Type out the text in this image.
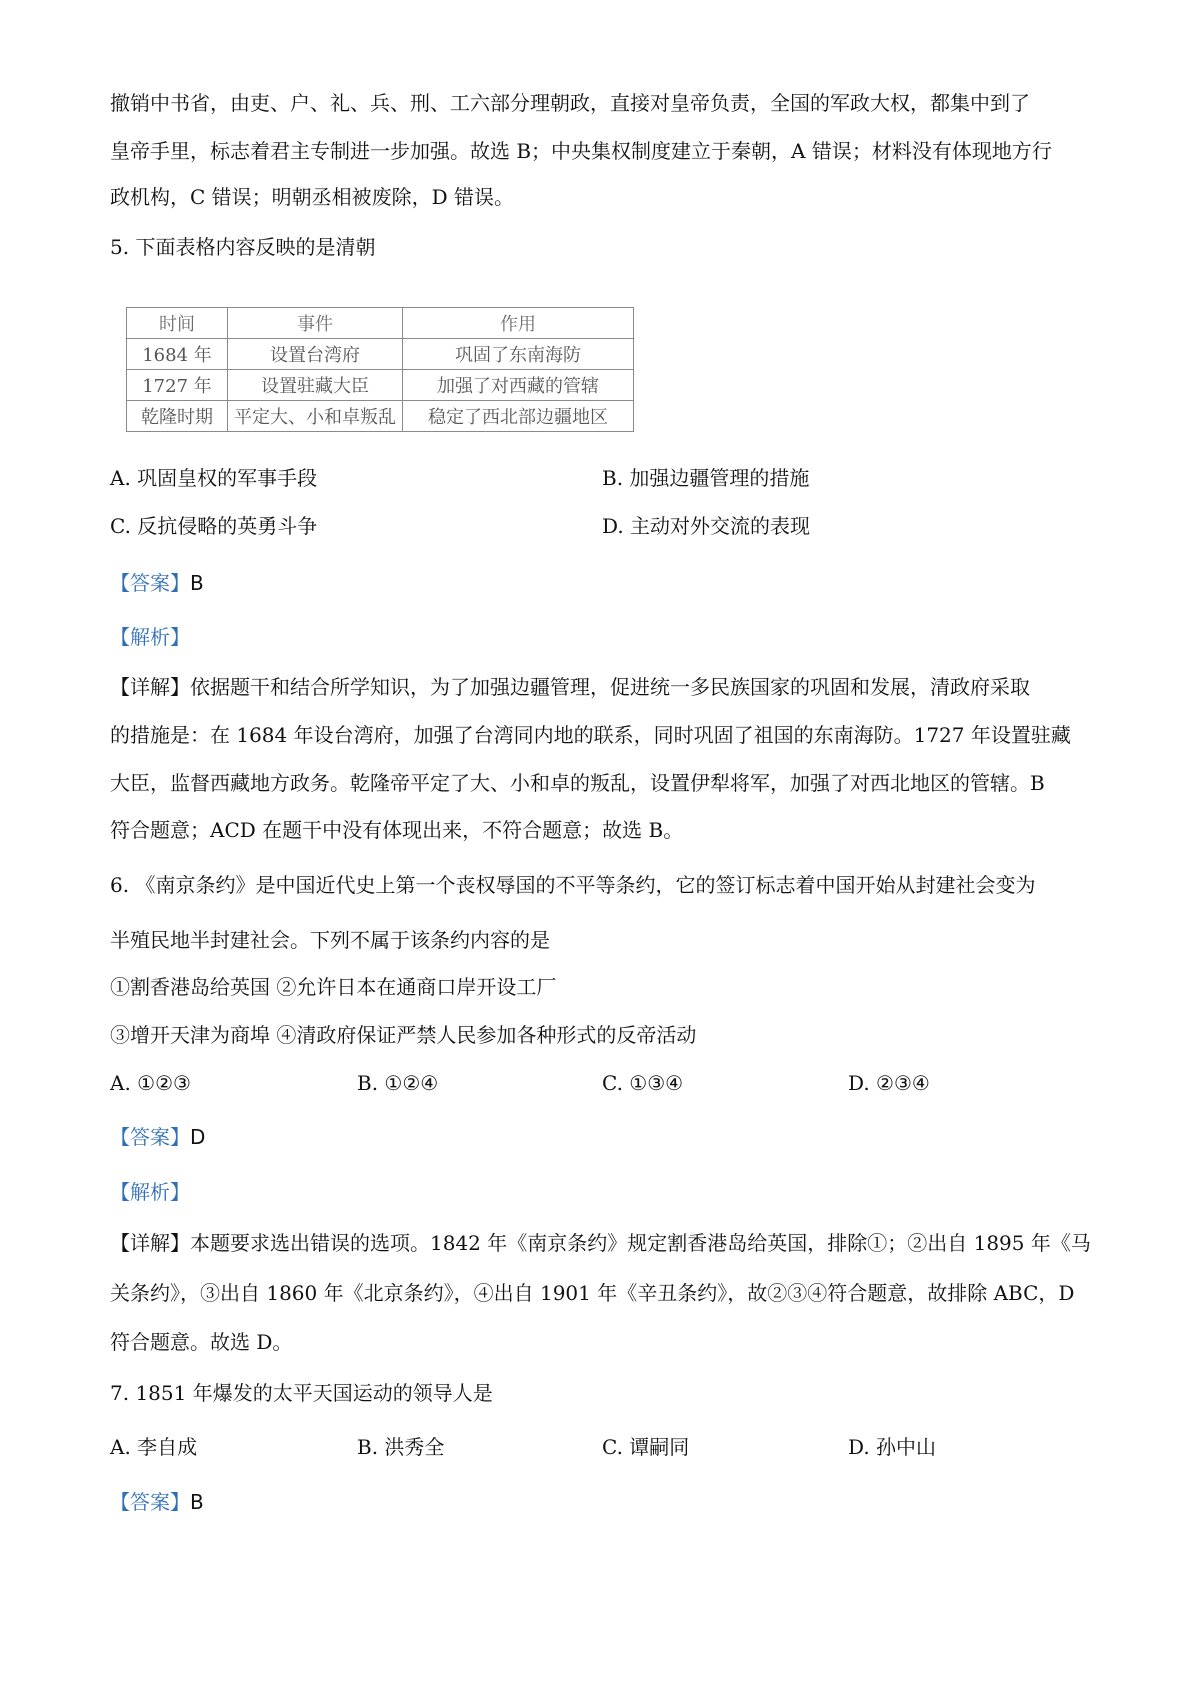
撤销中书省，由吏、户、礼、兵、刑、工六部分理朝政，直接对皇帝负责，全国的军政大权，都集中到了
皇帝手里，标志着君主专制进一步加强。故选 B；中央集权制度建立于秦朝，A 错误；材料没有体现地方行
政机构，C 错误；明朝丞相被废除，D 错误。
5. 下面表格内容反映的是清朝
时间	事件	作用
1684 年	设置台湾府	巩固了东南海防
1727 年	设置驻藏大臣	加强了对西藏的管辖
乾隆时期	平定大、小和卓叛乱	稳定了西北部边疆地区
A. 巩固皇权的军事手段	B. 加强边疆管理的措施
C. 反抗侵略的英勇斗争	D. 主动对外交流的表现
【答案】B
【解析】
【详解】依据题干和结合所学知识，为了加强边疆管理，促进统一多民族国家的巩固和发展，清政府采取
的措施是：在 1684 年设台湾府，加强了台湾同内地的联系，同时巩固了祖国的东南海防。1727 年设置驻藏
大臣，监督西藏地方政务。乾隆帝平定了大、小和卓的叛乱，设置伊犁将军，加强了对西北地区的管辖。B
符合题意；ACD 在题干中没有体现出来，不符合题意；故选 B。
6. 《南京条约》是中国近代史上第一个丧权辱国的不平等条约，它的签订标志着中国开始从封建社会变为
半殖民地半封建社会。下列不属于该条约内容的是
①割香港岛给英国 ②允许日本在通商口岸开设工厂
③增开天津为商埠 ④清政府保证严禁人民参加各种形式的反帝活动
A. ①②③	B. ①②④	C. ①③④	D. ②③④
【答案】D
【解析】
【详解】本题要求选出错误的选项。1842 年《南京条约》规定割香港岛给英国，排除①；②出自 1895 年《马
关条约》，③出自 1860 年《北京条约》，④出自 1901 年《辛丑条约》，故②③④符合题意，故排除 ABC，D
符合题意。故选 D。
7. 1851 年爆发的太平天国运动的领导人是
A. 李自成	B. 洪秀全	C. 谭嗣同	D. 孙中山
【答案】B
